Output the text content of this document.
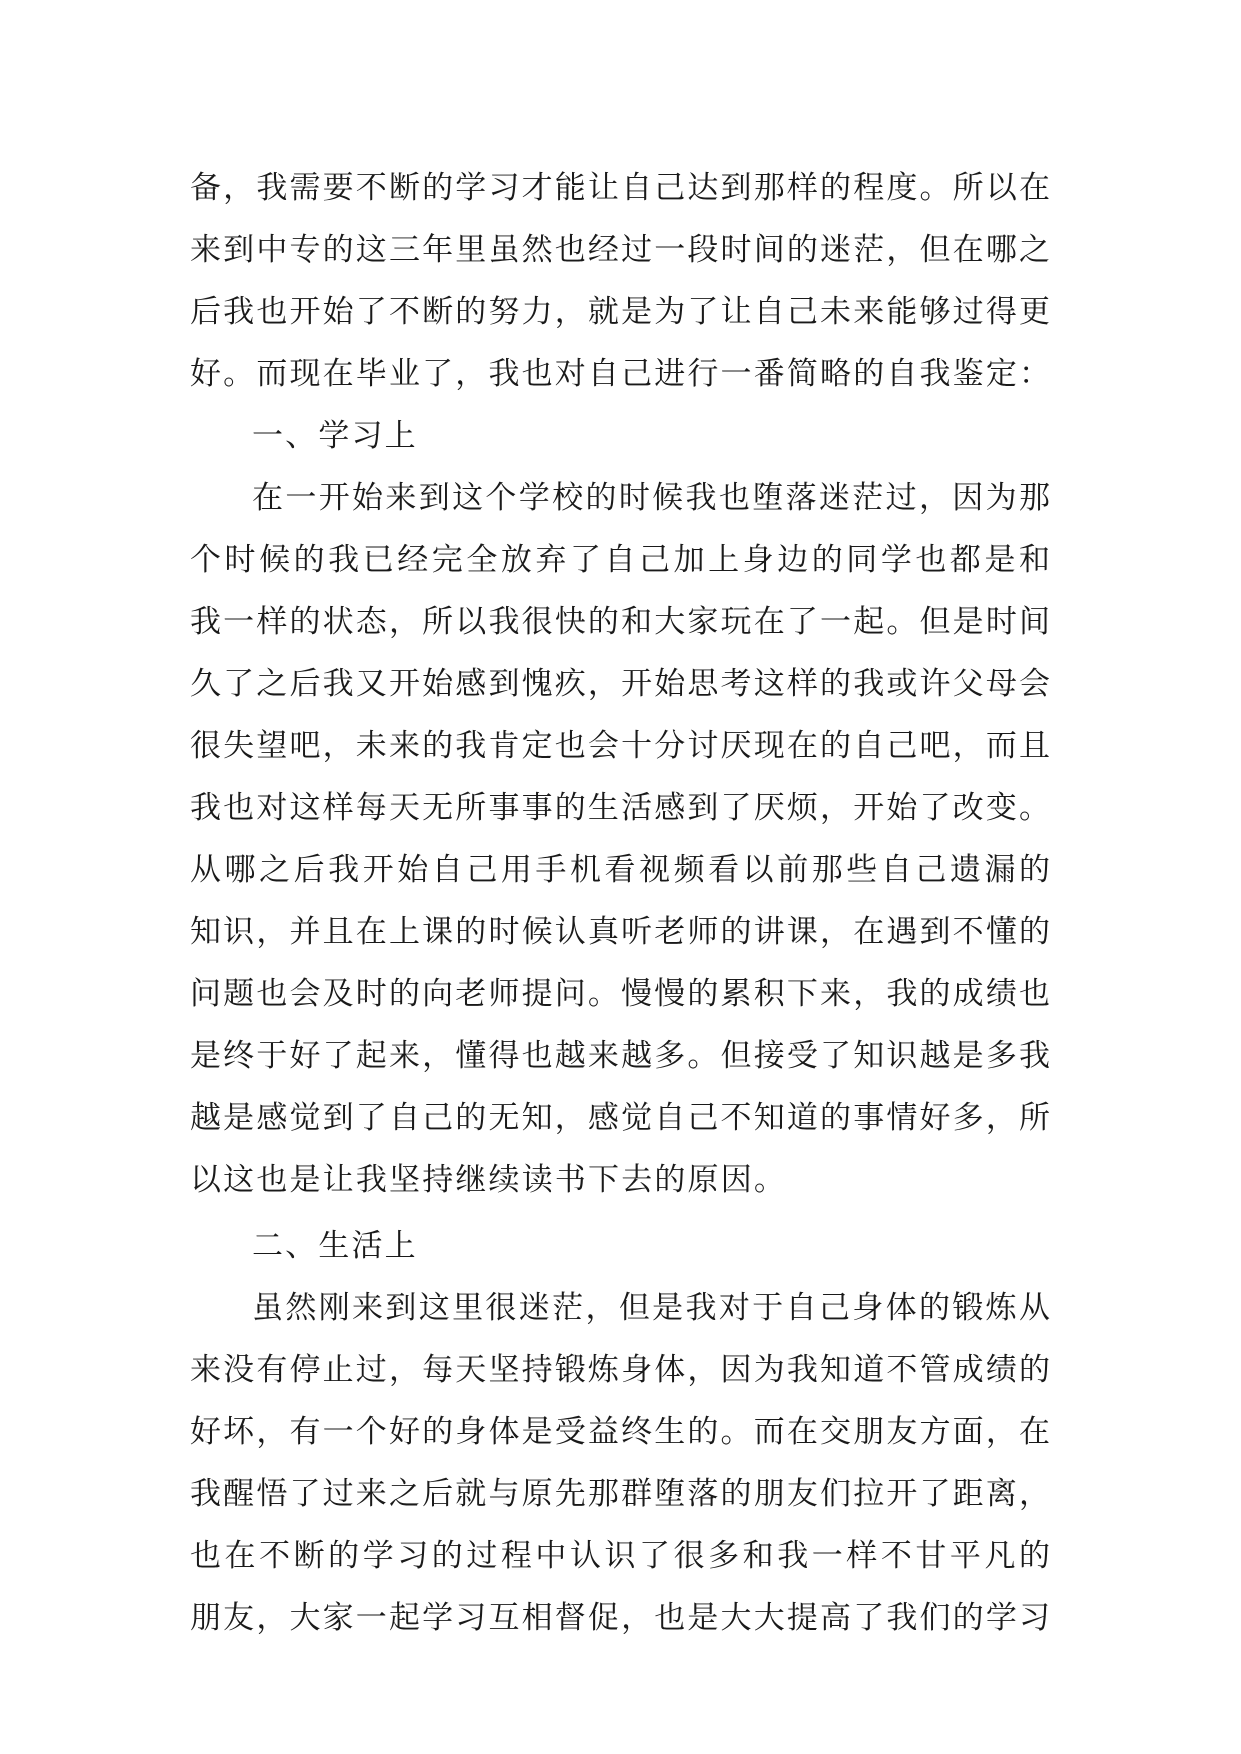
备，我需要不断的学习才能让自己达到那样的程度。所以在
来到中专的这三年里虽然也经过一段时间的迷茫，但在哪之
后我也开始了不断的努力，就是为了让自己未来能够过得更
好。而现在毕业了，我也对自己进行一番简略的自我鉴定：
一、学习上
在一开始来到这个学校的时候我也堕落迷茫过，因为那
个时候的我已经完全放弃了自己加上身边的同学也都是和
我一样的状态，所以我很快的和大家玩在了一起。但是时间
久了之后我又开始感到愧疚，开始思考这样的我或许父母会
很失望吧，未来的我肯定也会十分讨厌现在的自己吧，而且
我也对这样每天无所事事的生活感到了厌烦，开始了改变。
从哪之后我开始自己用手机看视频看以前那些自己遗漏的
知识，并且在上课的时候认真听老师的讲课，在遇到不懂的
问题也会及时的向老师提问。慢慢的累积下来，我的成绩也
是终于好了起来，懂得也越来越多。但接受了知识越是多我
越是感觉到了自己的无知，感觉自己不知道的事情好多，所
以这也是让我坚持继续读书下去的原因。
二、生活上
虽然刚来到这里很迷茫，但是我对于自己身体的锻炼从
来没有停止过，每天坚持锻炼身体，因为我知道不管成绩的
好坏，有一个好的身体是受益终生的。而在交朋友方面，在
我醒悟了过来之后就与原先那群堕落的朋友们拉开了距离，
也在不断的学习的过程中认识了很多和我一样不甘平凡的
朋友，大家一起学习互相督促，也是大大提高了我们的学习
